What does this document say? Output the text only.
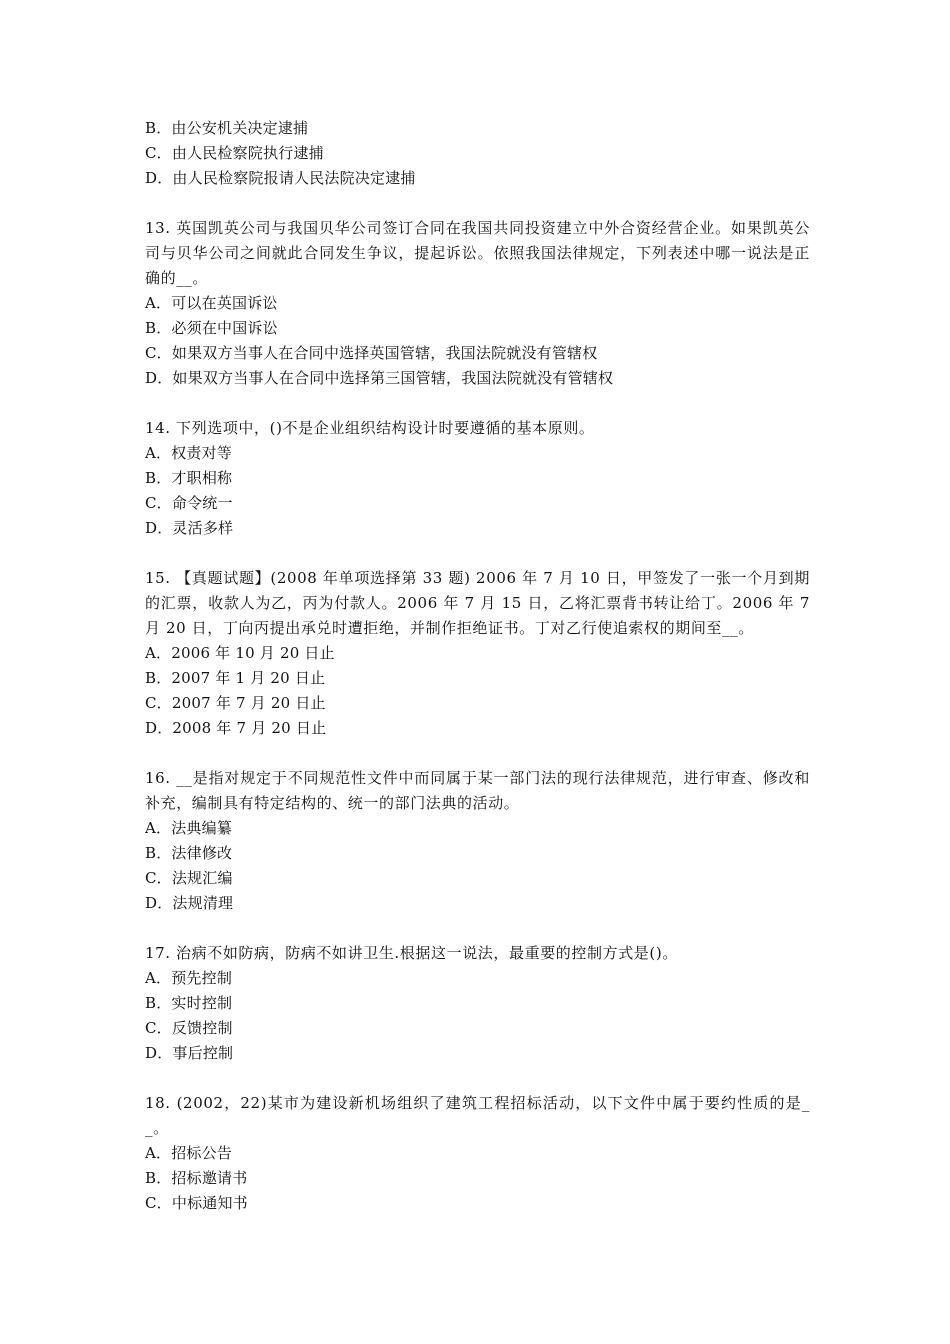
B．由公安机关决定逮捕
C．由人民检察院执行逮捕
D．由人民检察院报请人民法院决定逮捕
13. 英国凯英公司与我国贝华公司签订合同在我国共同投资建立中外合资经营企业。如果凯英公司与贝华公司之间就此合同发生争议，提起诉讼。依照我国法律规定，下列表述中哪一说法是正确的__。
A．可以在英国诉讼
B．必须在中国诉讼
C．如果双方当事人在合同中选择英国管辖，我国法院就没有管辖权
D．如果双方当事人在合同中选择第三国管辖，我国法院就没有管辖权
14. 下列选项中，()不是企业组织结构设计时要遵循的基本原则。
A．权责对等
B．才职相称
C．命令统一
D．灵活多样
15. 【真题试题】(2008 年单项选择第 33 题) 2006 年 7 月 10 日，甲签发了一张一个月到期的汇票，收款人为乙，丙为付款人。2006 年 7 月 15 日，乙将汇票背书转让给丁。2006 年 7 月 20 日，丁向丙提出承兑时遭拒绝，并制作拒绝证书。丁对乙行使追索权的期间至__。
A．2006 年 10 月 20 日止
B．2007 年 1 月 20 日止
C．2007 年 7 月 20 日止
D．2008 年 7 月 20 日止
16. __是指对规定于不同规范性文件中而同属于某一部门法的现行法律规范，进行审查、修改和补充，编制具有特定结构的、统一的部门法典的活动。
A．法典编纂
B．法律修改
C．法规汇编
D．法规清理
17. 治病不如防病，防病不如讲卫生.根据这一说法，最重要的控制方式是()。
A．预先控制
B．实时控制
C．反馈控制
D．事后控制
18. (2002，22)某市为建设新机场组织了建筑工程招标活动，以下文件中属于要约性质的是__。
A．招标公告
B．招标邀请书
C．中标通知书
